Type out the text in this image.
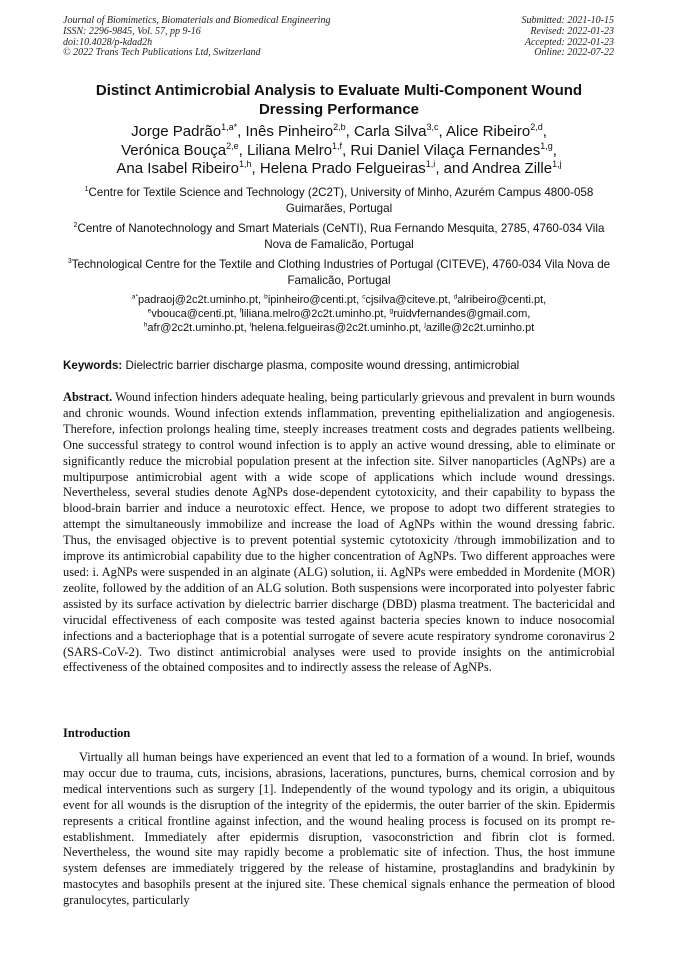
Journal of Biomimetics, Biomaterials and Biomedical Engineering
ISSN: 2296-9845, Vol. 57, pp 9-16
doi:10.4028/p-kdad2h
© 2022 Trans Tech Publications Ltd, Switzerland
Submitted: 2021-10-15
Revised: 2022-01-23
Accepted: 2022-01-23
Online: 2022-07-22
Distinct Antimicrobial Analysis to Evaluate Multi-Component Wound Dressing Performance
Jorge Padrão$^{1,a*}$, Inês Pinheiro$^{2,b}$, Carla Silva$^{3,c}$, Alice Ribeiro$^{2,d}$,
Verónica Bouça$^{2,e}$, Liliana Melro$^{1,f}$, Rui Daniel Vilaça Fernandes$^{1,g}$,
Ana Isabel Ribeiro$^{1,h}$, Helena Prado Felgueiras$^{1,i}$, and Andrea Zille$^{1,j}$
$^1$Centre for Textile Science and Technology (2C2T), University of Minho, Azurém Campus 4800-058 Guimarães, Portugal
$^2$Centre of Nanotechnology and Smart Materials (CeNTI), Rua Fernando Mesquita, 2785, 4760-034 Vila Nova de Famalicão, Portugal
$^3$Technological Centre for the Textile and Clothing Industries of Portugal (CITEVE), 4760-034 Vila Nova de Famalicão, Portugal
$^{a*}$padraoj@2c2t.uminho.pt, $^b$ipinheiro@centi.pt, $^c$cjsilva@citeve.pt, $^d$alribeiro@centi.pt,
$^e$vbouca@centi.pt, $^f$liliana.melro@2c2t.uminho.pt, $^g$ruidvfernandes@gmail.com,
$^h$afr@2c2t.uminho.pt, $^i$helena.felgueiras@2c2t.uminho.pt, $^j$azille@2c2t.uminho.pt
Keywords: Dielectric barrier discharge plasma, composite wound dressing, antimicrobial

Abstract. Wound infection hinders adequate healing, being particularly grievous and prevalent in burn wounds and chronic wounds. Wound infection extends inflammation, preventing epithelialization and angiogenesis. Therefore, infection prolongs healing time, steeply increases treatment costs and degrades patients wellbeing. One successful strategy to control wound infection is to apply an active wound dressing, able to eliminate or significantly reduce the microbial population present at the infection site. Silver nanoparticles (AgNPs) are a multipurpose antimicrobial agent with a wide scope of applications which include wound dressings. Nevertheless, several studies denote AgNPs dose-dependent cytotoxicity, and their capability to bypass the blood-brain barrier and induce a neurotoxic effect. Hence, we propose to adopt two different strategies to attempt the simultaneously immobilize and increase the load of AgNPs within the wound dressing fabric. Thus, the envisaged objective is to prevent potential systemic cytotoxicity /through immobilization and to improve its antimicrobial capability due to the higher concentration of AgNPs. Two different approaches were used: i. AgNPs were suspended in an alginate (ALG) solution, ii. AgNPs were embedded in Mordenite (MOR) zeolite, followed by the addition of an ALG solution. Both suspensions were incorporated into polyester fabric assisted by its surface activation by dielectric barrier discharge (DBD) plasma treatment. The bactericidal and virucidal effectiveness of each composite was tested against bacteria species known to induce nosocomial infections and a bacteriophage that is a potential surrogate of severe acute respiratory syndrome coronavirus 2 (SARS-CoV-2). Two distinct antimicrobial analyses were used to provide insights on the antimicrobial effectiveness of the obtained composites and to indirectly assess the release of AgNPs.

Introduction

Virtually all human beings have experienced an event that led to a formation of a wound. In brief, wounds may occur due to trauma, cuts, incisions, abrasions, lacerations, punctures, burns, chemical corrosion and by medical interventions such as surgery [1]. Independently of the wound typology and its origin, a ubiquitous event for all wounds is the disruption of the integrity of the epidermis, the outer barrier of the skin. Epidermis represents a critical frontline against infection, and the wound healing process is focused on its prompt re-establishment. Immediately after epidermis disruption, vasoconstriction and fibrin clot is formed. Nevertheless, the wound site may rapidly become a problematic site of infection. Thus, the host immune system defenses are immediately triggered by the release of histamine, prostaglandins and bradykinin by mastocytes and basophils present at the injured site. These chemical signals enhance the permeation of blood granulocytes, particularly
